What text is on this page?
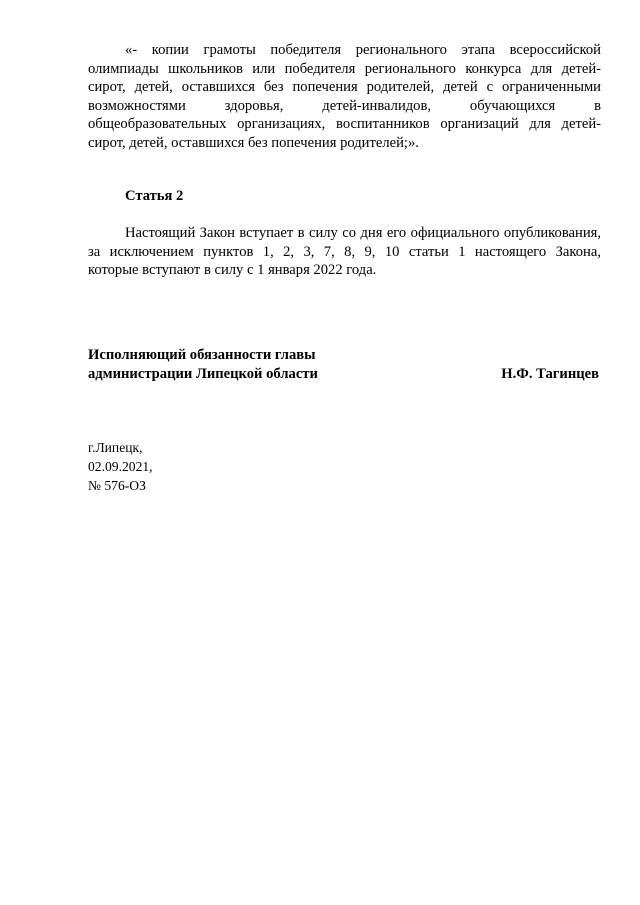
«- копии грамоты победителя регионального этапа всероссийской
олимпиады школьников или победителя регионального конкурса для детей-
сирот, детей, оставшихся без попечения родителей, детей с ограниченными
возможностями здоровья, детей-инвалидов, обучающихся в
общеобразовательных организациях, воспитанников организаций для детей-
сирот, детей, оставшихся без попечения родителей;».
Статья 2
Настоящий Закон вступает в силу со дня его официального опубликования,
за исключением пунктов 1, 2, 3, 7, 8, 9, 10 статьи 1 настоящего Закона,
которые вступают в силу с 1 января 2022 года.
Исполняющий обязанности главы
администрации Липецкой области	Н.Ф. Тагинцев
г.Липецк,
02.09.2021,
№ 576-ОЗ
